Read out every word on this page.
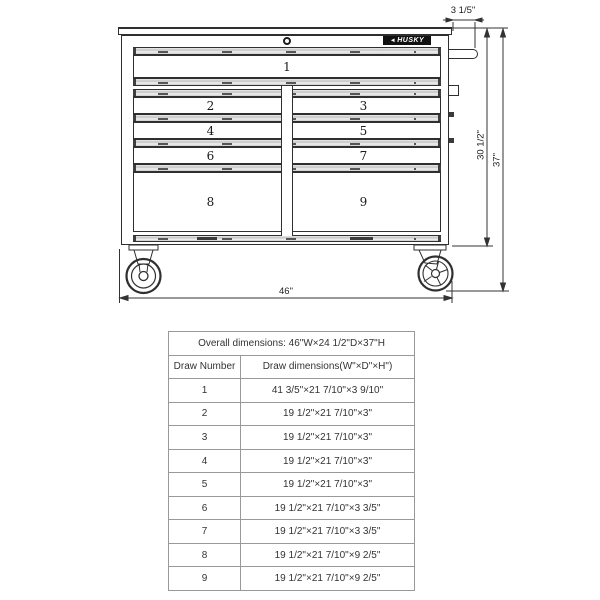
◄ HUSKY
1
2	3
4	5
6	7
8	9
3 1/5"
30 1/2"
37"
46"
Overall dimensions: 46"W×24 1/2"D×37"H
Draw Number	Draw dimensions(W"×D"×H")
1	41 3/5"×21 7/10"×3 9/10"
2	19 1/2"×21 7/10"×3"
3	19 1/2"×21 7/10"×3"
4	19 1/2"×21 7/10"×3"
5	19 1/2"×21 7/10"×3"
6	19 1/2"×21 7/10"×3 3/5"
7	19 1/2"×21 7/10"×3 3/5"
8	19 1/2"×21 7/10"×9 2/5"
9	19 1/2"×21 7/10"×9 2/5"
